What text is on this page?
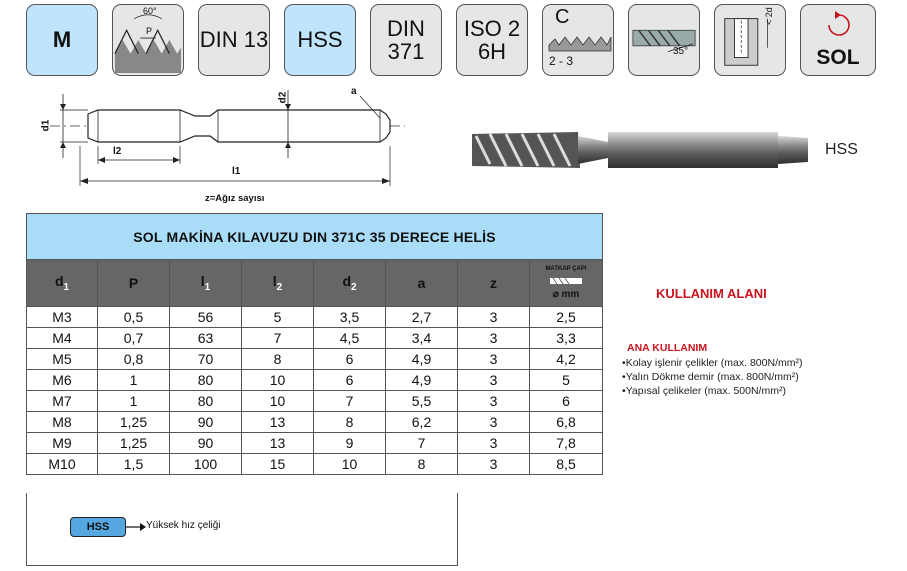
M
60°
P DIN 13 HSS DIN
371
ISO 2
6H
C
2 - 3
35°
< 2d
SOL
d1
d2
l2
l1
a
z=Ağız sayısı
HSS
SOL MAKİNA KILAVUZU DIN 371C 35 DERECE HELİS							
$d_1$	P	$l_1$	$l_2$	$d_2$	a	z	MATKAP ÇAPI
⌀ mm

M3	0,5	56	5	3,5	2,7	3	2,5
M4	0,7	63	7	4,5	3,4	3	3,3
M5	0,8	70	8	6	4,9	3	4,2
M6	1	80	10	6	4,9	3	5
M7	1	80	10	7	5,5	3	6
M8	1,25	90	13	8	6,2	3	6,8
M9	1,25	90	13	9	7	3	7,8
M10	1,5	100	15	10	8	3	8,5
HSS	Yüksek hız çeliği
KULLANIM ALANI
ANA KULLANIM
• Kolay işlenir çelikler (max. 800N/mm²)
• Yalın Dökme demir (max. 800N/mm²)
• Yapısal çelikeler (max. 500N/mm²)
